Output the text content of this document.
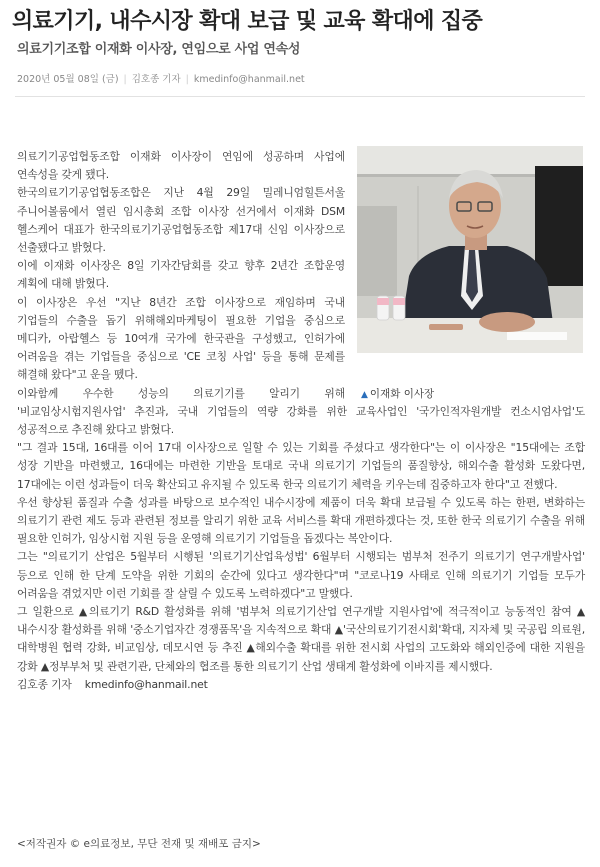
의료기기, 내수시장 확대 보급 및 교육 확대에 집중
의료기기조합 이재화 이사장, 연임으로 사업 연속성
2020년 05월 08일 (금) | 김호종 기자 | kmedinfo@hanmail.net

의료기기공업협동조합 이재화 이사장이 연임에 성공하며 사업에 연속성을 갖게 됐다.

한국의료기기공업협동조합은 지난 4월 29일 밀레니엄힐튼서울 주니어볼룸에서 열린 임시총회 조합 이사장 선거에서 이재화 DSM 헬스케어 대표가 한국의료기기공업협동조합 제17대 신임 이사장으로 선출됐다고 밝혔다.

이에 이재화 이사장은 8일 기자간담회를 갖고 향후 2년간 조합운영 계획에 대해 밝혔다.

이 이사장은 우선 "지난 8년간 조합 이사장으로 재임하며 국내 기업들의 수출을 돕기 위해해외마케팅이 필요한 기업을 중심으로 메디카, 아랍헬스 등 10여개 국가에 한국관을 구성했고, 인허가에 어려움을 겪는 기업들을 중심으로 'CE 코칭 사업' 등을 통해 문제를 해결해 왔다"고 운을 뗐다.

이와함께 우수한 성능의 의료기기를 알리기 위해 '비교임상시험지원사업' 추진과, 국내 기업들의 역량 강화를 위한 교육사업인 '국가인적자원개발 컨소시엄사업'도 성공적으로 추진해 왔다고 밝혔다.

"그 결과 15대, 16대를 이어 17대 이사장으로 일할 수 있는 기회를 주셨다고 생각한다"는 이 이사장은 "15대에는 조합 성장 기반을 마련했고, 16대에는 마련한 기반을 토대로 국내 의료기기 기업들의 품질향상, 해외수출 활성화 도왔다면, 17대에는 이런 성과들이 더욱 확산되고 유지될 수 있도록 한국 의료기기 체력을 키우는데 집중하고자 한다"고 전했다.

우선 향상된 품질과 수출 성과를 바탕으로 보수적인 내수시장에 제품이 더욱 확대 보급될 수 있도록 하는 한편, 변화하는 의료기기 관련 제도 등과 관련된 정보를 알리기 위한 교육 서비스를 확대 개편하겠다는 것, 또한 한국 의료기기 수출을 위해 필요한 인허가, 임상시험 지원 등을 운영해 의료기기 기업들을 돕겠다는 복안이다.

그는 "의료기기 산업은 5월부터 시행된 '의료기기산업육성법' 6월부터 시행되는 범부처 전주기 의료기기 연구개발사업' 등으로 인해 한 단계 도약을 위한 기회의 순간에 있다고 생각한다"며 "코로나19 사태로 인해 의료기기 기업들 모두가 어려움을 겪었지만 이런 기회를 잘 살릴 수 있도록 노력하겠다"고 말했다.

그 일환으로 ▲의료기기 R&D 활성화를 위해 '범부처 의료기기산업 연구개발 지원사업'에 적극적이고 능동적인 참여 ▲내수시장 활성화를 위해 '중소기업자간 경쟁품목'을 지속적으로 확대 ▲'국산의료기기전시회'확대, 지자체 및 국공립 의료원, 대학병원 협력 강화, 비교임상, 데모시연 등 추진 ▲해외수출 확대를 위한 전시회 사업의 고도화와 해외인증에 대한 지원을 강화 ▲정부부처 및 관련기관, 단체와의 협조를 통한 의료기기 산업 생태계 활성화에 이바지를 제시했다.

김호종 기자    kmedinfo@hanmail.net

▲ 이재화 이사장
<저작권자 © e의료정보, 무단 전재 및 재배포 금지>
